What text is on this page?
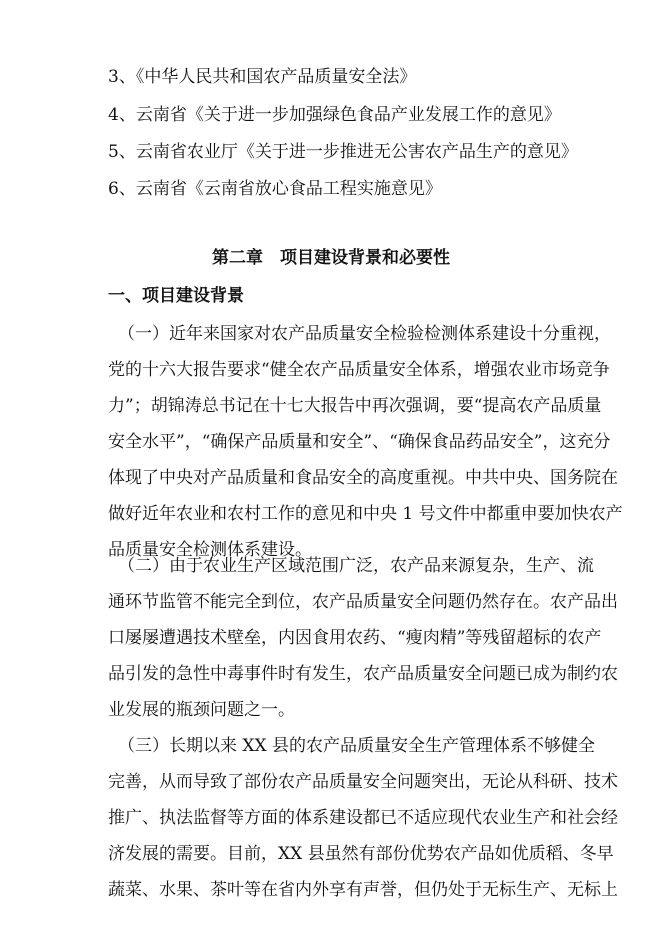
3、《中华人民共和国农产品质量安全法》
4、云南省《关于进一步加强绿色食品产业发展工作的意见》
5、云南省农业厅《关于进一步推进无公害农产品生产的意见》
6、云南省《云南省放心食品工程实施意见》
第二章　项目建设背景和必要性
一、项目建设背景
（一）近年来国家对农产品质量安全检验检测体系建设十分重视，
党的十六大报告要求“健全农产品质量安全体系，增强农业市场竞争
力”；胡锦涛总书记在十七大报告中再次强调，要“提高农产品质量
安全水平”，“确保产品质量和安全”、“确保食品药品安全”，这充分
体现了中央对产品质量和食品安全的高度重视。中共中央、国务院在
做好近年农业和农村工作的意见和中央 1 号文件中都重申要加快农产
品质量安全检测体系建设。
（二）由于农业生产区域范围广泛，农产品来源复杂，生产、流
通环节监管不能完全到位，农产品质量安全问题仍然存在。农产品出
口屡屡遭遇技术壁垒，内因食用农药、“瘦肉精”等残留超标的农产
品引发的急性中毒事件时有发生，农产品质量安全问题已成为制约农
业发展的瓶颈问题之一。
（三）长期以来 XX 县的农产品质量安全生产管理体系不够健全
完善，从而导致了部份农产品质量安全问题突出，无论从科研、技术
推广、执法监督等方面的体系建设都已不适应现代农业生产和社会经
济发展的需要。目前，XX 县虽然有部份优势农产品如优质稻、冬早
蔬菜、水果、茶叶等在省内外享有声誉，但仍处于无标生产、无标上
